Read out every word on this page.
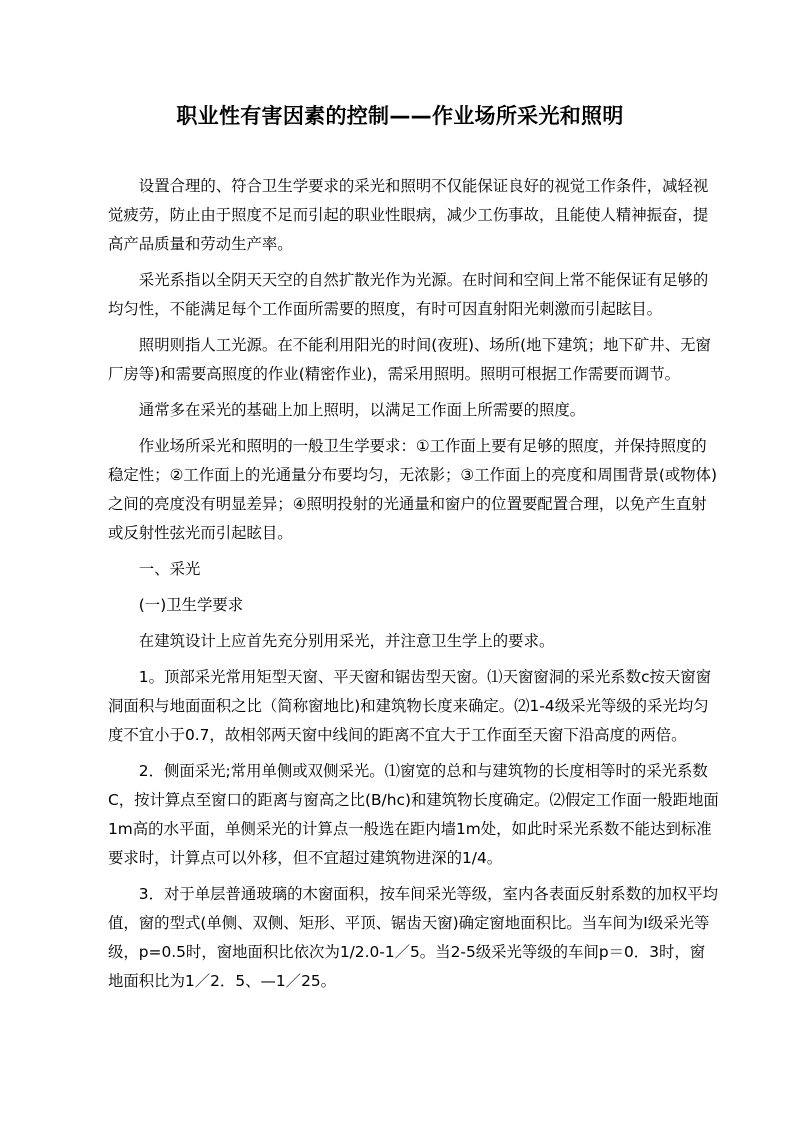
职业性有害因素的控制——作业场所采光和照明

设置合理的、符合卫生学要求的采光和照明不仅能保证良好的视觉工作条件，减轻视觉疲劳，防止由于照度不足而引起的职业性眼病，减少工伤事故，且能使人精神振奋，提高产品质量和劳动生产率。

采光系指以全阴天天空的自然扩散光作为光源。在时间和空间上常不能保证有足够的均匀性，不能满足每个工作面所需要的照度，有时可因直射阳光刺激而引起眩目。

照明则指人工光源。在不能利用阳光的时间(夜班)、场所(地下建筑；地下矿井、无窗厂房等)和需要高照度的作业(精密作业)，需采用照明。照明可根据工作需要而调节。

通常多在采光的基础上加上照明，以满足工作面上所需要的照度。

作业场所采光和照明的一般卫生学要求：①工作面上要有足够的照度，并保持照度的稳定性；②工作面上的光通量分布要均匀，无浓影；③工作面上的亮度和周围背景(或物体)之间的亮度没有明显差异；④照明投射的光通量和窗户的位置要配置合理，以免产生直射或反射性弦光而引起眩目。

一、采光

(一)卫生学要求

在建筑设计上应首先充分别用采光，并注意卫生学上的要求。

1。顶部采光常用矩型天窗、平天窗和锯齿型天窗。⑴天窗窗洞的采光系数c按天窗窗洞面积与地面面积之比（简称窗地比)和建筑物长度来确定。⑵1-4级采光等级的采光均匀度不宜小于0.7，故相邻两天窗中线间的距离不宜大于工作面至天窗下沿高度的两倍。

2．侧面采光;常用单侧或双侧采光。⑴窗宽的总和与建筑物的长度相等时的采光系数C，按计算点至窗口的距离与窗高之比(B/hc)和建筑物长度确定。⑵假定工作面一般距地面1m高的水平面，单侧采光的计算点一般选在距内墙1m处，如此时采光系数不能达到标准要求时，计算点可以外移，但不宜超过建筑物进深的1/4。

3．对于单层普通玻璃的木窗面积，按车间采光等级，室内各表面反射系数的加权平均值，窗的型式(单侧、双侧、矩形、平顶、锯齿天窗)确定窗地面积比。当车间为Ⅰ级采光等级，p=0.5时，窗地面积比依次为1/2.0-1／5。当2-5级采光等级的车间p＝0．3时，窗地面积比为1／2．5、—1／25。
